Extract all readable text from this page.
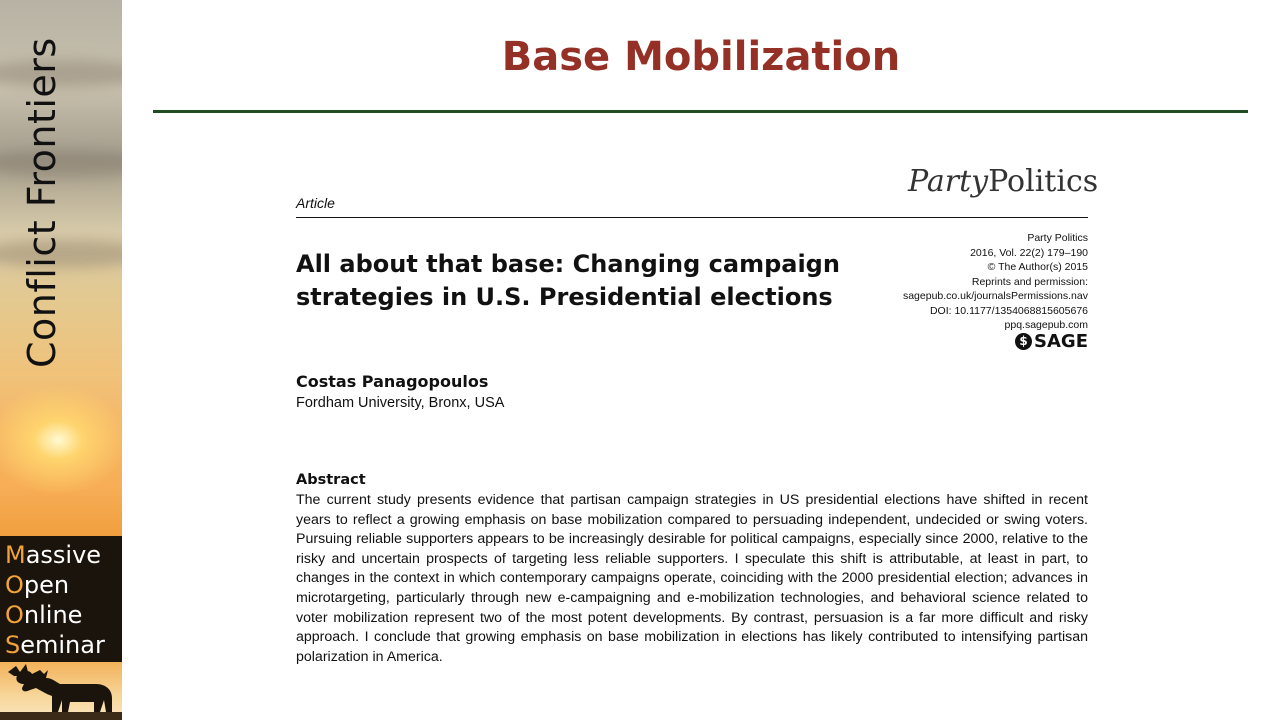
Conflict Frontiers
Massive
Open
Online
Seminar
Base Mobilization
PartyPolitics
Article
All about that base: Changing campaign strategies in U.S. Presidential elections
Party Politics
2016, Vol. 22(2) 179–190
© The Author(s) 2015
Reprints and permission:
sagepub.co.uk/journalsPermissions.nav
DOI: 10.1177/1354068815605676
ppq.sagepub.com
$ SAGE
Costas Panagopoulos
Fordham University, Bronx, USA
Abstract
The current study presents evidence that partisan campaign strategies in US presidential elections have shifted in recent years to reflect a growing emphasis on base mobilization compared to persuading independent, undecided or swing voters. Pursuing reliable supporters appears to be increasingly desirable for political campaigns, especially since 2000, relative to the risky and uncertain prospects of targeting less reliable supporters. I speculate this shift is attributable, at least in part, to changes in the context in which contemporary campaigns operate, coinciding with the 2000 presidential election; advances in microtargeting, particularly through new e-campaigning and e-mobilization technologies, and behavioral science related to voter mobilization represent two of the most potent developments. By contrast, persuasion is a far more difficult and risky approach. I conclude that growing emphasis on base mobilization in elections has likely contributed to intensifying partisan polarization in America.
